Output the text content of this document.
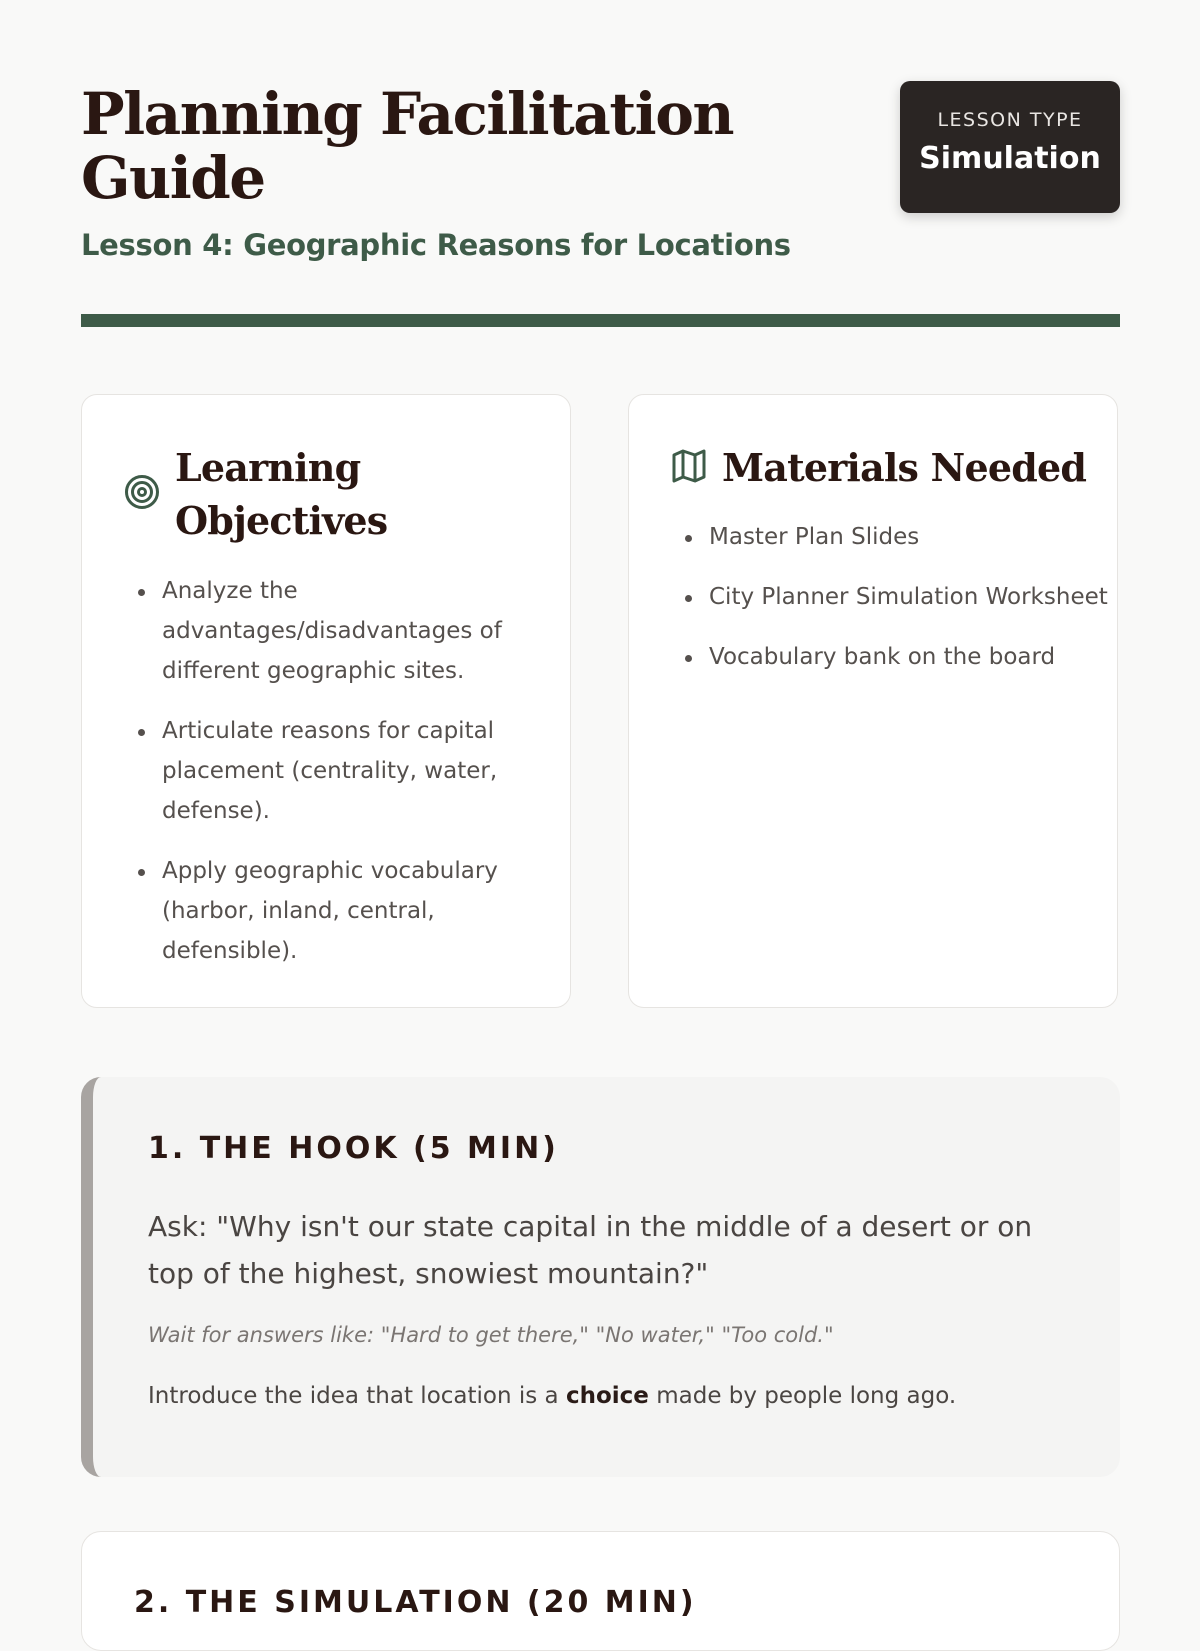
Planning Facilitation Guide
Lesson 4: Geographic Reasons for Locations
LESSON TYPE
Simulation
Learning Objectives
Analyze the advantages/disadvantages of different geographic sites.
Articulate reasons for capital placement (centrality, water, defense).
Apply geographic vocabulary (harbor, inland, central, defensible).
Materials Needed
Master Plan Slides
City Planner Simulation Worksheet
Vocabulary bank on the board
1. THE HOOK (5 MIN)

Ask: "Why isn't our state capital in the middle of a desert or on top of the highest, snowiest mountain?"

Wait for answers like: "Hard to get there," "No water," "Too cold."

Introduce the idea that location is a choice made by people long ago.

2. THE SIMULATION (20 MIN)
